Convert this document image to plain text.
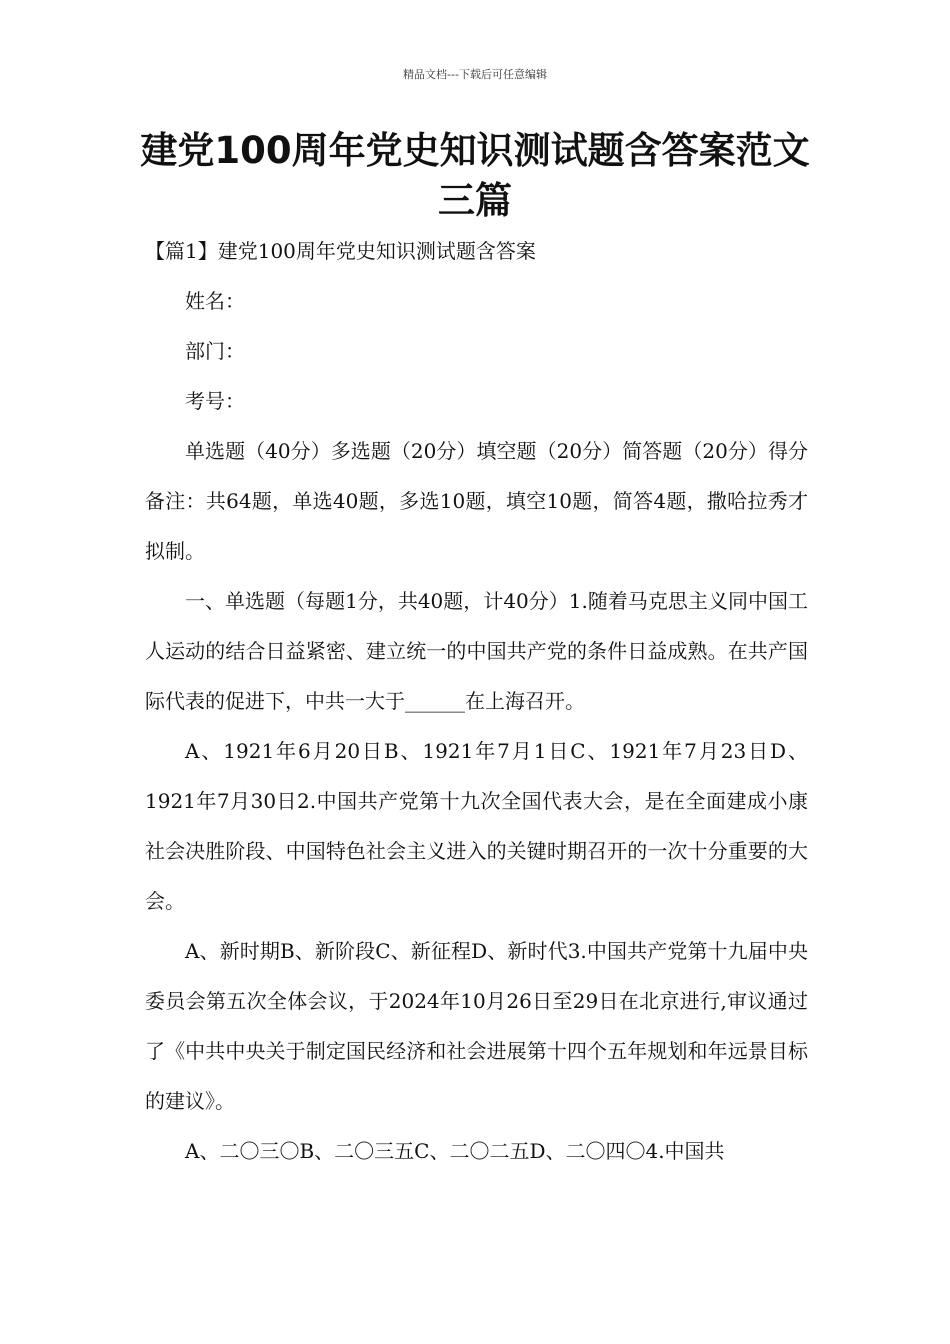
精品文档---下载后可任意编辑
建党100周年党史知识测试题含答案范文三篇

【篇1】建党100周年党史知识测试题含答案

姓名：

部门：

考号：

单选题（40分）多选题（20分）填空题（20分）简答题（20分）得分备注：共64题，单选40题，多选10题，填空10题，简答4题，撒哈拉秀才拟制。

一、单选题（每题1分，共40题，计40分）1.随着马克思主义同中国工人运动的结合日益紧密、建立统一的中国共产党的条件日益成熟。在共产国际代表的促进下，中共一大于______在上海召开。

A、1921年6月20日B、1921年7月1日C、1921年7月23日D、1921年7月30日2.中国共产党第十九次全国代表大会，是在全面建成小康社会决胜阶段、中国特色社会主义进入的关键时期召开的一次十分重要的大会。

A、新时期B、新阶段C、新征程D、新时代3.中国共产党第十九届中央委员会第五次全体会议，于2024年10月26日至29日在北京进行,审议通过了《中共中央关于制定国民经济和社会进展第十四个五年规划和年远景目标的建议》。

A、二〇三〇B、二〇三五C、二〇二五D、二〇四〇4.中国共
